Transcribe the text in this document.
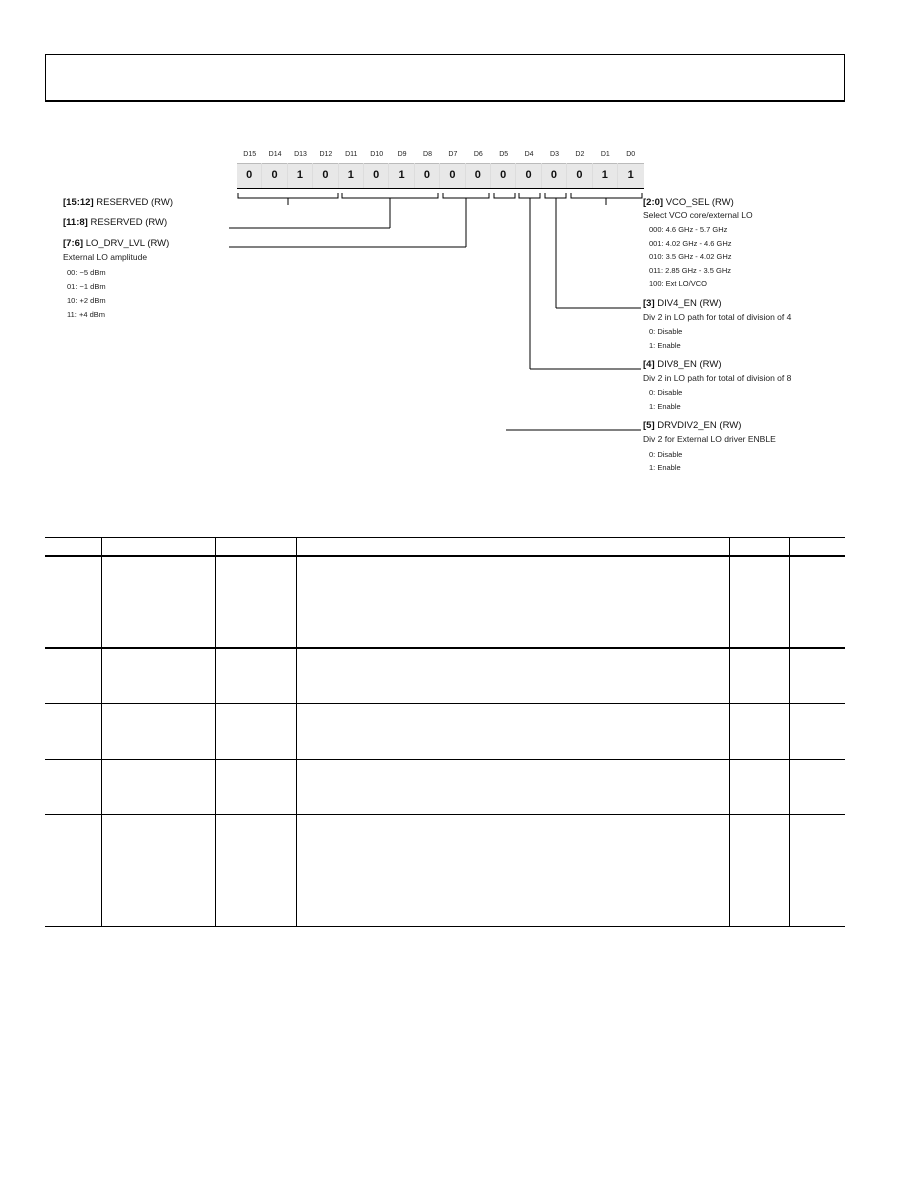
D15	D14	D13	D12	D11	D10	D9	D8	D7	D6	D5	D4	D3	D2	D1	D0
0	0	1	0	1	0	1	0	0	0	0	0	0	0	1	1
[15:12] RESERVED (RW)
[11:8] RESERVED (RW)
[7:6] LO_DRV_LVL (RW)
External LO amplitude
00: −5 dBm
01: −1 dBm
10: +2 dBm
11: +4 dBm
[2:0] VCO_SEL (RW)
Select VCO core/external LO
000: 4.6 GHz - 5.7 GHz
001: 4.02 GHz - 4.6 GHz
010: 3.5 GHz - 4.02 GHz
011: 2.85 GHz - 3.5 GHz
100: Ext LO/VCO
[3] DIV4_EN (RW)
Div 2 in LO path for total of division of 4
0: Disable
1: Enable
[4] DIV8_EN (RW)
Div 2 in LO path for total of division of 8
0: Disable
1: Enable
[5] DRVDIV2_EN (RW)
Div 2 for External LO driver ENBLE
0: Disable
1: Enable
